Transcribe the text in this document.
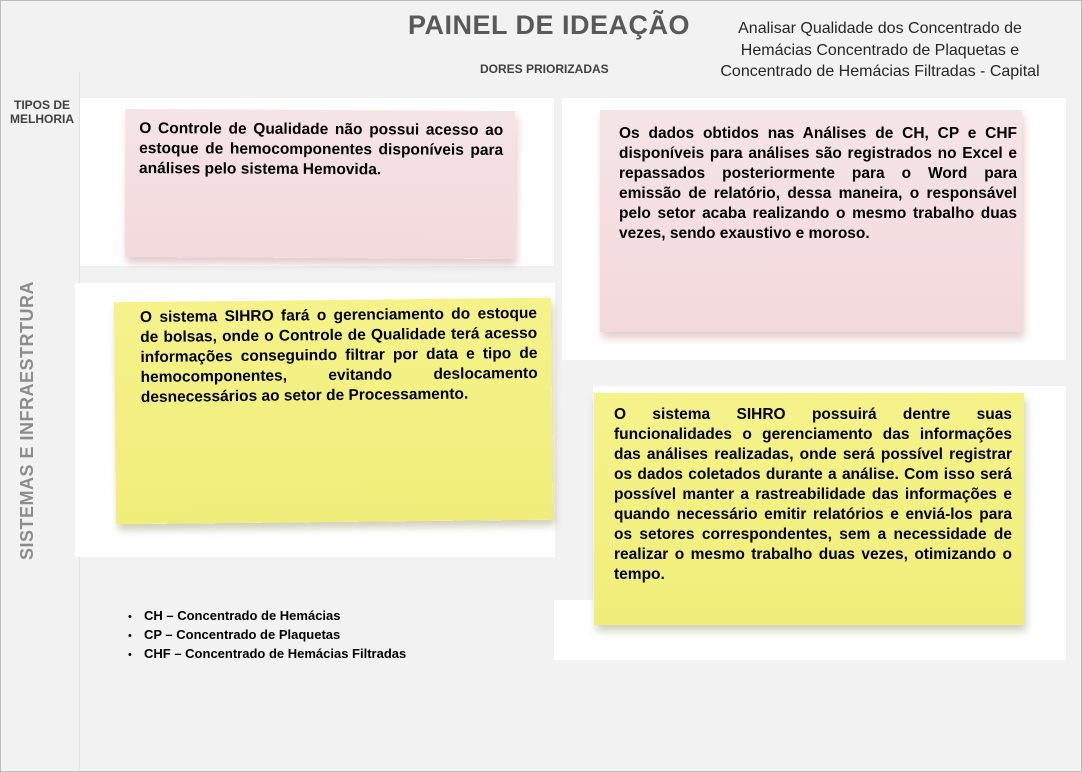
PAINEL DE IDEAÇÃO
DORES PRIORIZADAS
Analisar Qualidade dos Concentrado de
Hemácias Concentrado de Plaquetas e
Concentrado de Hemácias Filtradas - Capital
TIPOS DE MELHORIA
SISTEMAS E INFRAESTRTURA
O Controle de Qualidade não possui acesso ao estoque de hemocomponentes disponíveis para análises pelo sistema Hemovida.
Os dados obtidos nas Análises de CH, CP e CHF disponíveis para análises são registrados no Excel e repassados posteriormente para o Word para emissão de relatório, dessa maneira, o responsável pelo setor acaba realizando o mesmo trabalho duas vezes, sendo exaustivo e moroso.
O sistema SIHRO fará o gerenciamento do estoque de bolsas, onde o Controle de Qualidade terá acesso informações conseguindo filtrar por data e tipo de hemocomponentes, evitando deslocamento desnecessários ao setor de Processamento.
O sistema SIHRO possuirá dentre suas funcionalidades o gerenciamento das informações das análises realizadas, onde será possível registrar os dados coletados durante a análise. Com isso será possível manter a rastreabilidade das informações e quando necessário emitir relatórios e enviá-los para os setores correspondentes, sem a necessidade de realizar o mesmo trabalho duas vezes, otimizando o tempo.
• CH – Concentrado de Hemácias
• CP – Concentrado de Plaquetas
• CHF – Concentrado de Hemácias Filtradas
